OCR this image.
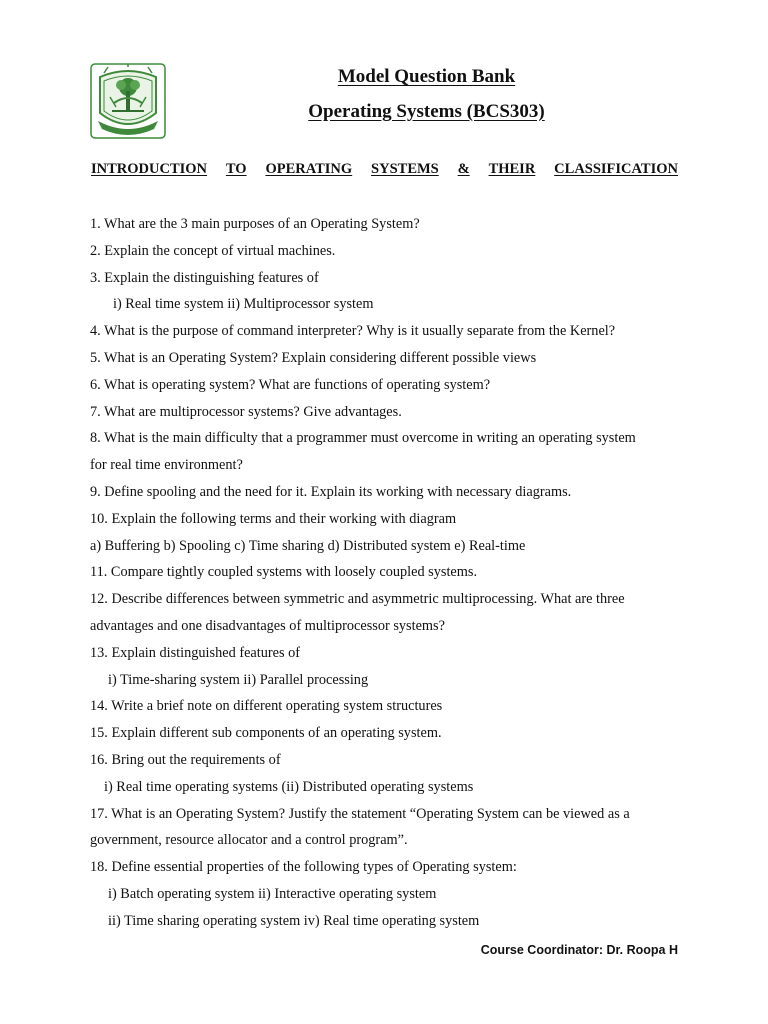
Model Question Bank
Operating Systems (BCS303)
INTRODUCTION TO OPERATING SYSTEMS & THEIR CLASSIFICATION
1. What are the 3 main purposes of an Operating System?
2. Explain the concept of virtual machines.
3. Explain the distinguishing features of
i) Real time system ii) Multiprocessor system
4. What is the purpose of command interpreter? Why is it usually separate from the Kernel?
5. What is an Operating System? Explain considering different possible views
6. What is operating system? What are functions of operating system?
7. What are multiprocessor systems? Give advantages.
8. What is the main difficulty that a programmer must overcome in writing an operating system
for real time environment?
9. Define spooling and the need for it. Explain its working with necessary diagrams.
10. Explain the following terms and their working with diagram
a) Buffering b) Spooling c) Time sharing d) Distributed system e) Real-time
11. Compare tightly coupled systems with loosely coupled systems.
12. Describe differences between symmetric and asymmetric multiprocessing. What are three
advantages and one disadvantages of multiprocessor systems?
13. Explain distinguished features of
i) Time-sharing system ii) Parallel processing
14. Write a brief note on different operating system structures
15. Explain different sub components of an operating system.
16. Bring out the requirements of
i) Real time operating systems (ii) Distributed operating systems
17. What is an Operating System? Justify the statement “Operating System can be viewed as a
government, resource allocator and a control program”.
18. Define essential properties of the following types of Operating system:
i) Batch operating system ii) Interactive operating system
ii) Time sharing operating system iv) Real time operating system
Course Coordinator: Dr. Roopa H
